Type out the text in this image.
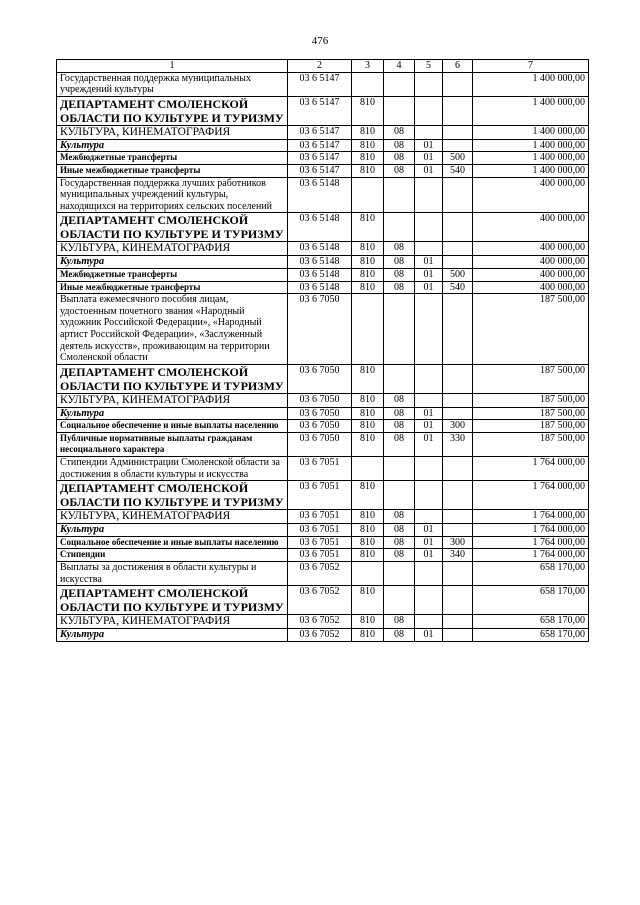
476
1	2	3	4	5	6	7
Государственная поддержка муниципальных учреждений культуры	03 6 5147					1 400 000,00
ДЕПАРТАМЕНТ СМОЛЕНСКОЙ ОБЛАСТИ ПО КУЛЬТУРЕ И ТУРИЗМУ	03 6 5147	810				1 400 000,00
КУЛЬТУРА, КИНЕМАТОГРАФИЯ	03 6 5147	810	08			1 400 000,00
Культура	03 6 5147	810	08	01		1 400 000,00
Межбюджетные трансферты	03 6 5147	810	08	01	500	1 400 000,00
Иные межбюджетные трансферты	03 6 5147	810	08	01	540	1 400 000,00
Государственная поддержка лучших работников муниципальных учреждений культуры, находящихся на территориях сельских поселений	03 6 5148					400 000,00
ДЕПАРТАМЕНТ СМОЛЕНСКОЙ ОБЛАСТИ ПО КУЛЬТУРЕ И ТУРИЗМУ	03 6 5148	810				400 000,00
КУЛЬТУРА, КИНЕМАТОГРАФИЯ	03 6 5148	810	08			400 000,00
Культура	03 6 5148	810	08	01		400 000,00
Межбюджетные трансферты	03 6 5148	810	08	01	500	400 000,00
Иные межбюджетные трансферты	03 6 5148	810	08	01	540	400 000,00
Выплата ежемесячного пособия лицам, удостоенным почетного звания «Народный художник Российской Федерации», «Народный артист Российской Федерации», «Заслуженный деятель искусств», проживающим на территории Смоленской области	03 6 7050					187 500,00
ДЕПАРТАМЕНТ СМОЛЕНСКОЙ ОБЛАСТИ ПО КУЛЬТУРЕ И ТУРИЗМУ	03 6 7050	810				187 500,00
КУЛЬТУРА, КИНЕМАТОГРАФИЯ	03 6 7050	810	08			187 500,00
Культура	03 6 7050	810	08	01		187 500,00
Социальное обеспечение и иные выплаты населению	03 6 7050	810	08	01	300	187 500,00
Публичные нормативные выплаты гражданам несоциального характера	03 6 7050	810	08	01	330	187 500,00
Стипендии Администрации Смоленской области за достижения в области культуры и искусства	03 6 7051					1 764 000,00
ДЕПАРТАМЕНТ СМОЛЕНСКОЙ ОБЛАСТИ ПО КУЛЬТУРЕ И ТУРИЗМУ	03 6 7051	810				1 764 000,00
КУЛЬТУРА, КИНЕМАТОГРАФИЯ	03 6 7051	810	08			1 764 000,00
Культура	03 6 7051	810	08	01		1 764 000,00
Социальное обеспечение и иные выплаты населению	03 6 7051	810	08	01	300	1 764 000,00
Стипендии	03 6 7051	810	08	01	340	1 764 000,00
Выплаты за достижения в области культуры и искусства	03 6 7052					658 170,00
ДЕПАРТАМЕНТ СМОЛЕНСКОЙ ОБЛАСТИ ПО КУЛЬТУРЕ И ТУРИЗМУ	03 6 7052	810				658 170,00
КУЛЬТУРА, КИНЕМАТОГРАФИЯ	03 6 7052	810	08			658 170,00
Культура	03 6 7052	810	08	01		658 170,00
